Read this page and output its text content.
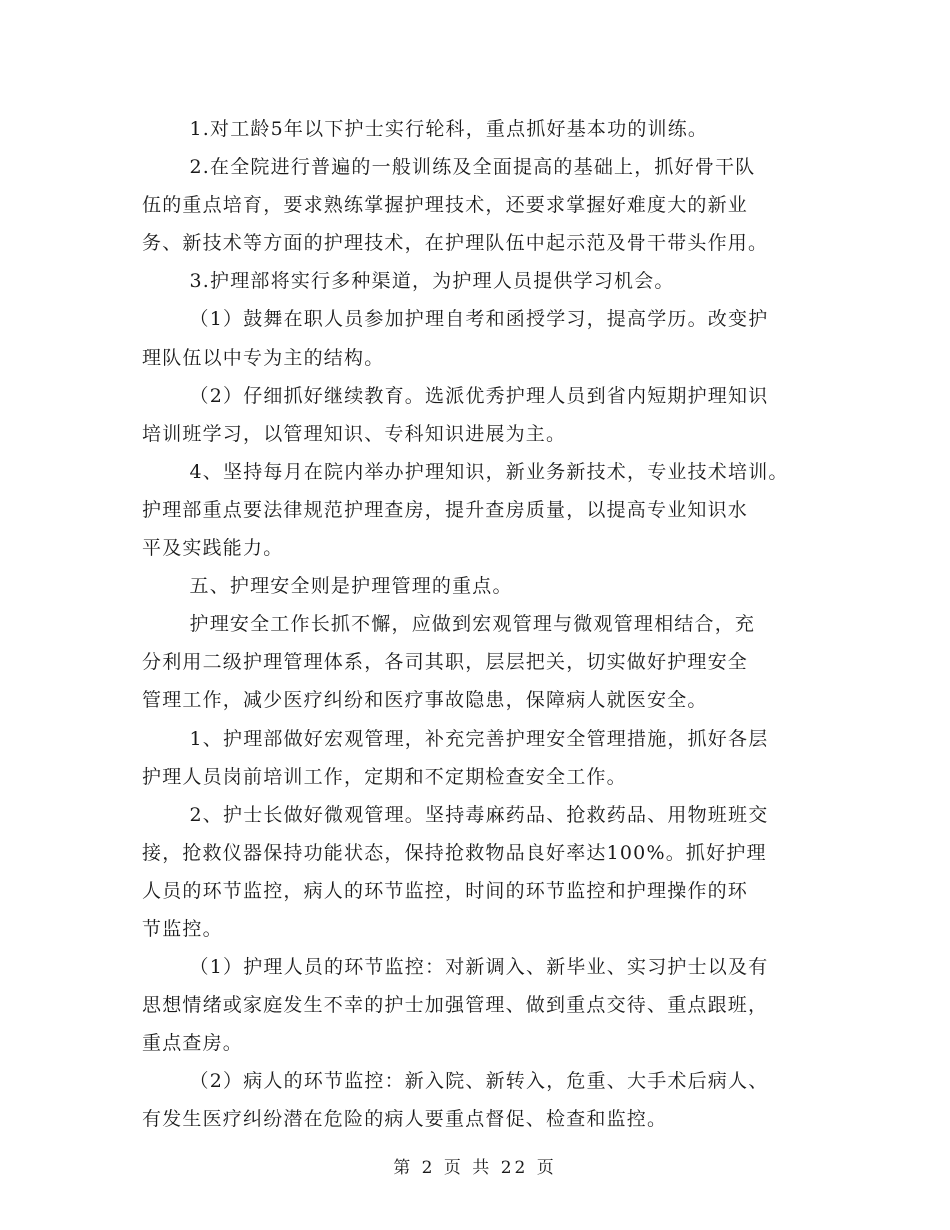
1.对工龄5年以下护士实行轮科，重点抓好基本功的训练。
2.在全院进行普遍的一般训练及全面提高的基础上，抓好骨干队
伍的重点培育，要求熟练掌握护理技术，还要求掌握好难度大的新业
务、新技术等方面的护理技术，在护理队伍中起示范及骨干带头作用。
3.护理部将实行多种渠道，为护理人员提供学习机会。
（1）鼓舞在职人员参加护理自考和函授学习，提高学历。改变护
理队伍以中专为主的结构。
（2）仔细抓好继续教育。选派优秀护理人员到省内短期护理知识
培训班学习，以管理知识、专科知识进展为主。
4、坚持每月在院内举办护理知识，新业务新技术，专业技术培训。
护理部重点要法律规范护理查房，提升查房质量，以提高专业知识水
平及实践能力。
五、护理安全则是护理管理的重点。
护理安全工作长抓不懈，应做到宏观管理与微观管理相结合，充
分利用二级护理管理体系，各司其职，层层把关，切实做好护理安全
管理工作，减少医疗纠纷和医疗事故隐患，保障病人就医安全。
1、护理部做好宏观管理，补充完善护理安全管理措施，抓好各层
护理人员岗前培训工作，定期和不定期检查安全工作。
2、护士长做好微观管理。坚持毒麻药品、抢救药品、用物班班交
接，抢救仪器保持功能状态，保持抢救物品良好率达100%。抓好护理
人员的环节监控，病人的环节监控，时间的环节监控和护理操作的环
节监控。
（1）护理人员的环节监控：对新调入、新毕业、实习护士以及有
思想情绪或家庭发生不幸的护士加强管理、做到重点交待、重点跟班，
重点查房。
（2）病人的环节监控：新入院、新转入，危重、大手术后病人、
有发生医疗纠纷潜在危险的病人要重点督促、检查和监控。
第 2 页 共 22 页
